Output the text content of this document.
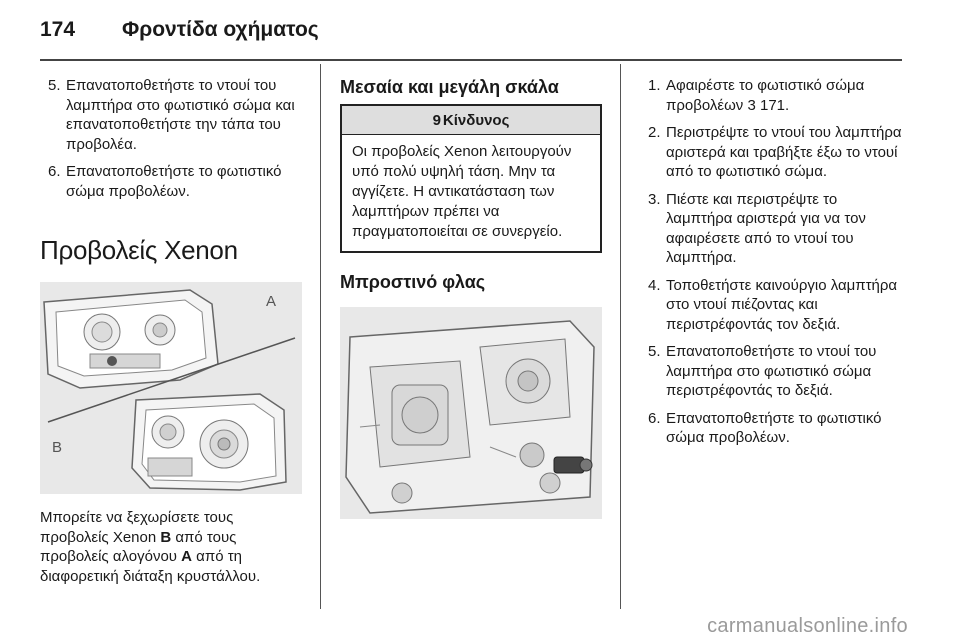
174 Φροντίδα οχήματος
5. Επανατοποθετήστε το ντουί του λαμπτήρα στο φωτιστικό σώμα και επανατοποθετήστε την τάπα του προβολέα.
6. Επανατοποθετήστε το φωτιστικό σώμα προβολέων.
Προβολείς Xenon
A
B
Μπορείτε να ξεχωρίσετε τους προβολείς Xenon B από τους προβολείς αλογόνου A από τη διαφορετική διάταξη κρυστάλλου.
Μεσαία και μεγάλη σκάλα
9 Κίνδυνος
Οι προβολείς Xenon λειτουργούν υπό πολύ υψηλή τάση. Μην τα αγγίζετε. Η αντικατάσταση των λαμπτήρων πρέπει να πραγματοποιείται σε συνεργείο.
Μπροστινό φλας
1. Αφαιρέστε το φωτιστικό σώμα προβολέων 3 171.
2. Περιστρέψτε το ντουί του λαμπτήρα αριστερά και τραβήξτε έξω το ντουί από το φωτιστικό σώμα.
3. Πιέστε και περιστρέψτε το λαμπτήρα αριστερά για να τον αφαιρέσετε από το ντουί του λαμπτήρα.
4. Τοποθετήστε καινούργιο λαμπτήρα στο ντουί πιέζοντας και περιστρέφοντάς τον δεξιά.
5. Επανατοποθετήστε το ντουί του λαμπτήρα στο φωτιστικό σώμα περιστρέφοντάς το δεξιά.
6. Επανατοποθετήστε το φωτιστικό σώμα προβολέων.
carmanualsonline.info
